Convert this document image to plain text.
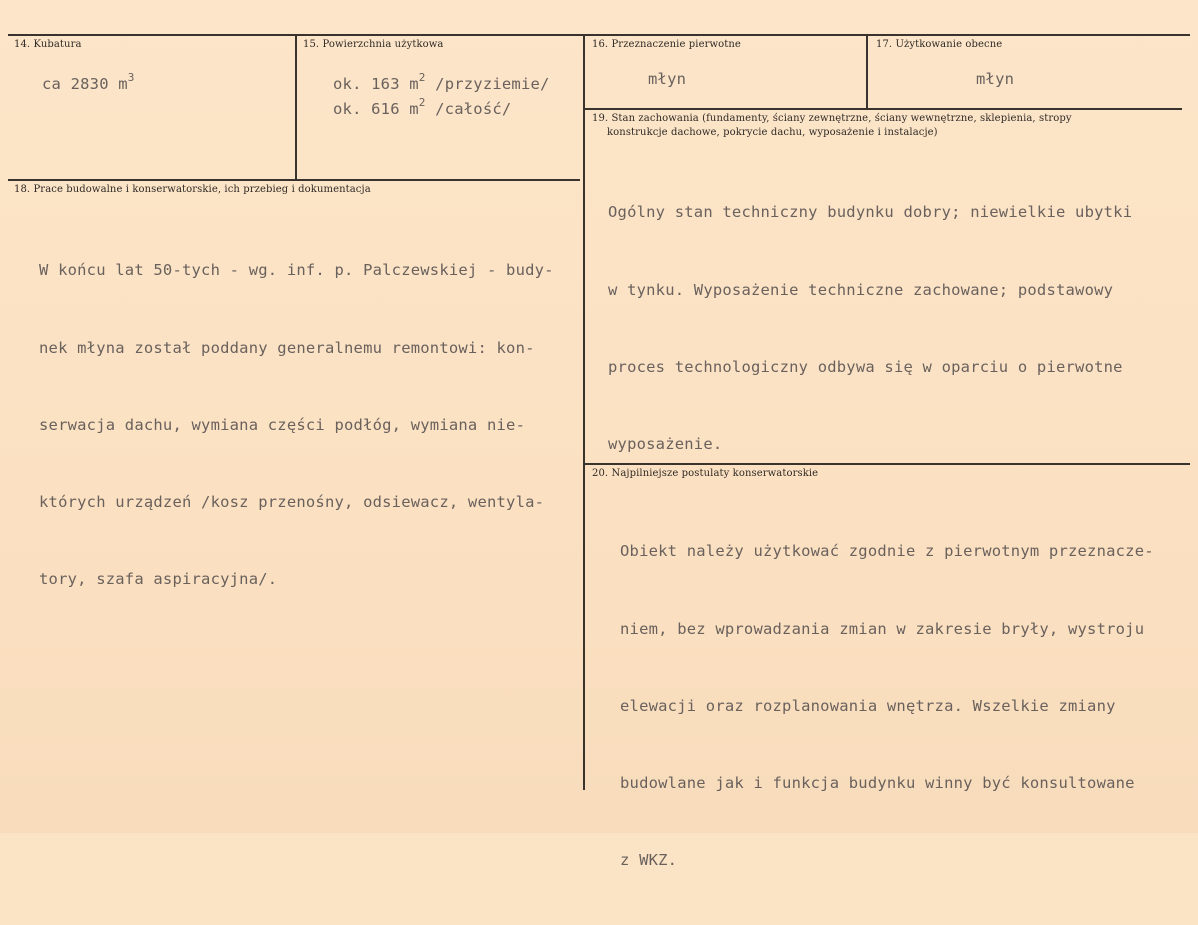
14. Kubatura
ca 2830 $m^3$
15. Powierzchnia użytkowa
ok. 163 $m^2$ /przyziemie/
ok. 616 $m^2$ /całość/
16. Przeznaczenie pierwotne
młyn
17. Użytkowanie obecne
młyn
19. Stan zachowania (fundamenty, ściany zewnętrzne, ściany wewnętrzne, sklepienia, stropy
konstrukcje dachowe, pokrycie dachu, wyposażenie i instalacje)

Ogólny stan techniczny budynku dobry; niewielkie ubytki

w tynku. Wyposażenie techniczne zachowane; podstawowy

proces technologiczny odbywa się w oparciu o pierwotne

wyposażenie.

18. Prace budowalne i konserwatorskie, ich przebieg i dokumentacja

W końcu lat 50-tych - wg. inf. p. Palczewskiej - budy-

nek młyna został poddany generalnemu remontowi: kon-

serwacja dachu, wymiana części podłóg, wymiana nie-

których urządzeń /kosz przenośny, odsiewacz, wentyla-

tory, szafa aspiracyjna/.

20. Najpilniejsze postulaty konserwatorskie

Obiekt należy użytkować zgodnie z pierwotnym przeznacze-

niem, bez wprowadzania zmian w zakresie bryły, wystroju

elewacji oraz rozplanowania wnętrza. Wszelkie zmiany

budowlane jak i funkcja budynku winny być konsultowane

z WKZ.
